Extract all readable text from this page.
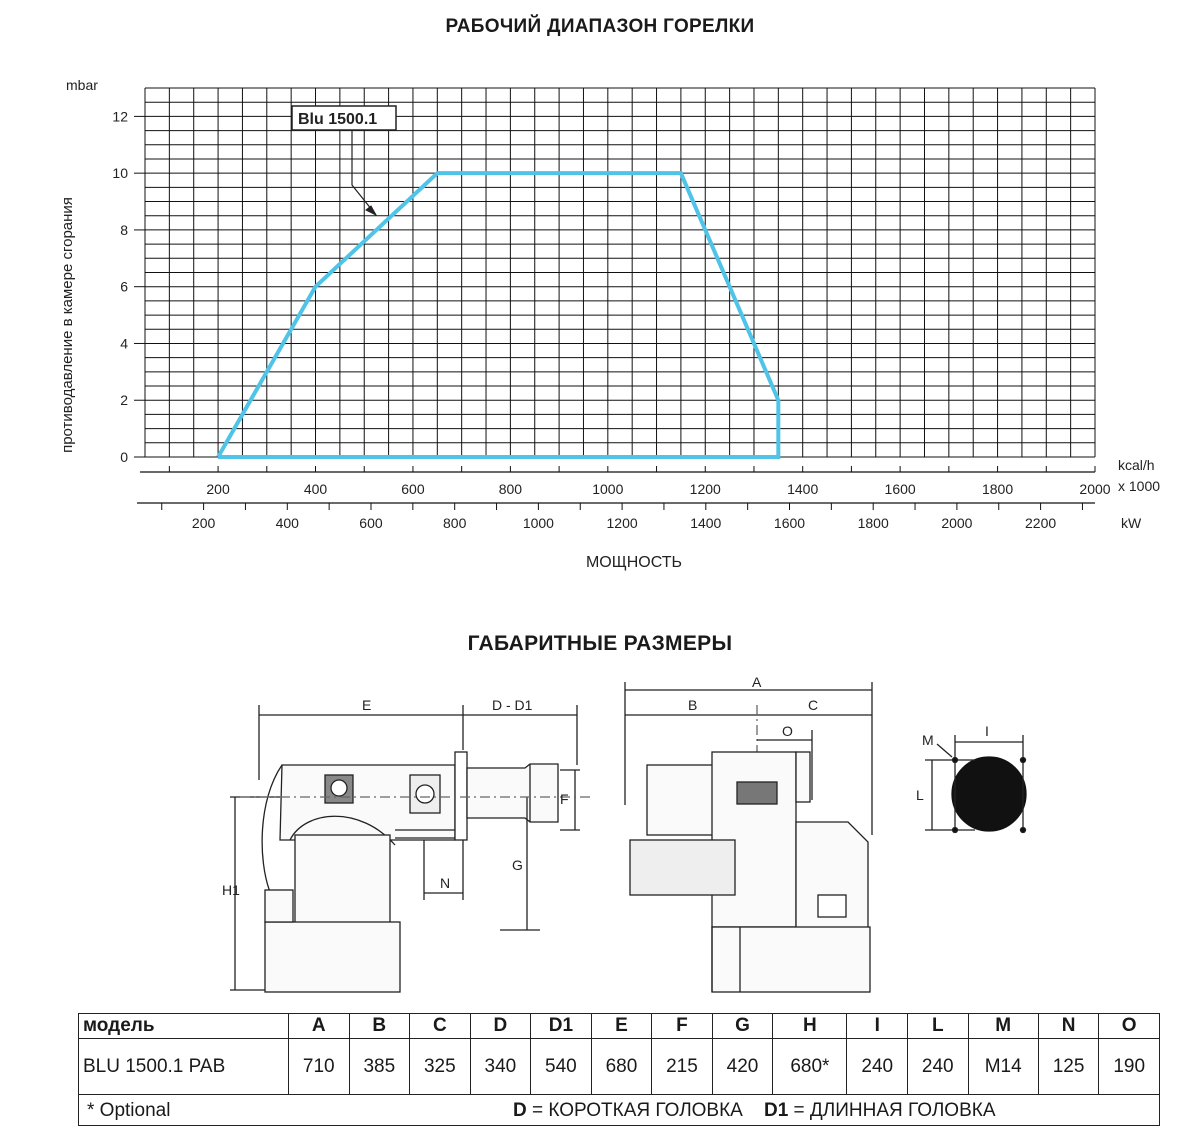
РАБОЧИЙ ДИАПАЗОН ГОРЕЛКИ
0
2
4
6
8
10
12
200	400	600	800	1000	1200	1400	1600	1800	2000
200	400	600	800	1000	1200	1400	1600	1800	2000	2200
Blu 1500.1
mbar
противодавление в камере сгорания
kcal/h
x 1000
kW
МОЩНОСТЬ
ГАБАРИТНЫЕ РАЗМЕРЫ
E	D - D1
F
G
N
H1
A
B	C
O
M
I
L
модель	A	B	C	D	D1	E	F	G	H	I	L	M	N	O
BLU 1500.1 PAB	710	385	325	340	540	680	215	420	680*	240	240	M14	125	190

* Optional D = КОРОТКАЯ ГОЛОВКА D1 = ДЛИННАЯ ГОЛОВКА														
